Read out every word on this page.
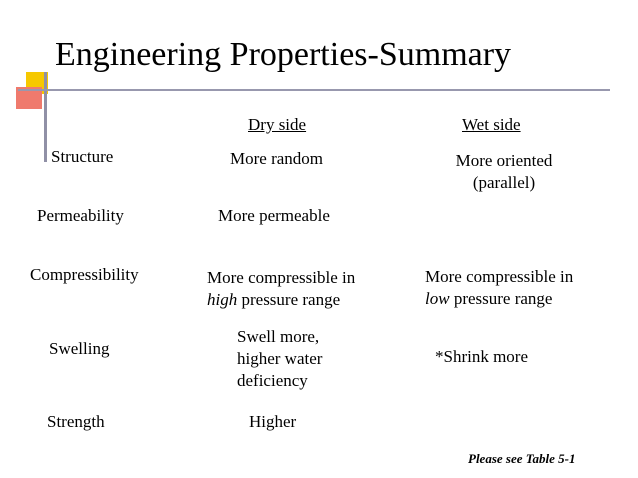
Engineering Properties-Summary
Dry side	Wet side
Structure
Permeability
Compressibility
Swelling
Strength
More random	More oriented
(parallel)
More permeable
More compressible in
high pressure range
More compressible in
low pressure range
Swell more,
higher water
deficiency
*Shrink more
Higher
Please see Table 5-1
